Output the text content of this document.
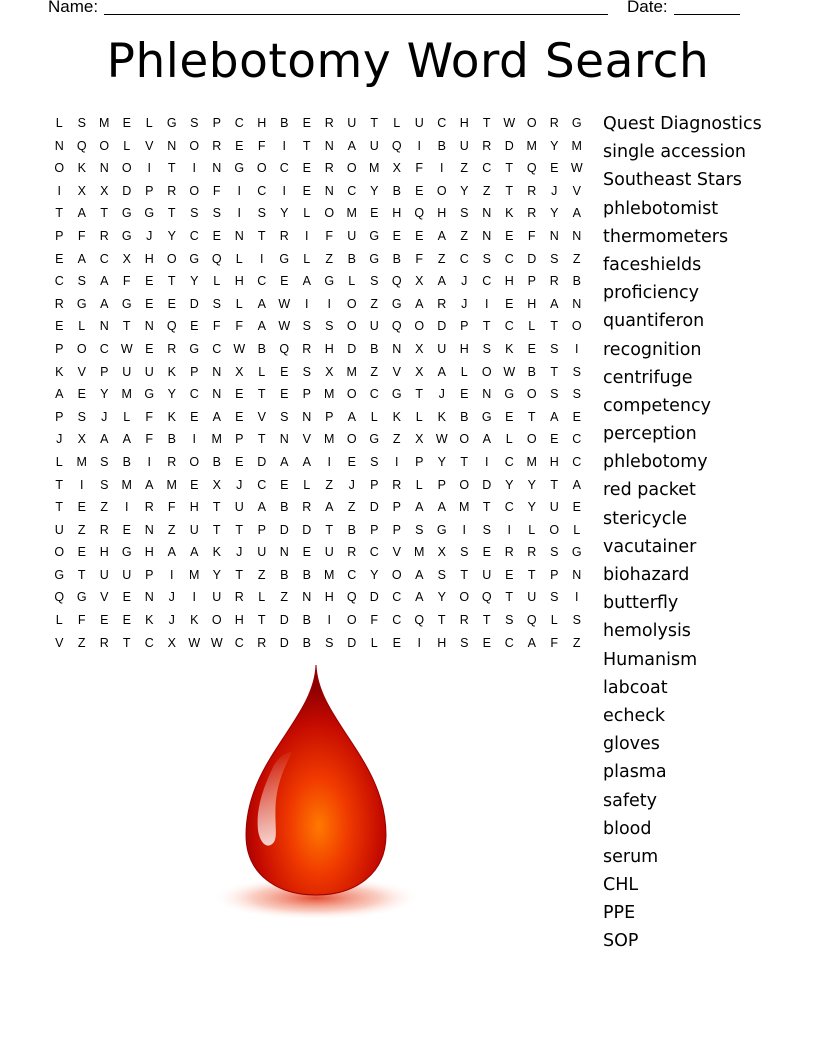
Name:	Date:
Phlebotomy Word Search
L	S	M	E	L	G	S	P	C	H	B	E	R	U	T	L	U	C	H	T	W O	R	G
N	Q	O	L	V	N	O	R	E	F	I	T	N	A	U	Q	I	B	U	R	D	M	Y	M
O	K	N	O	I	T	I	N	G	O	C	E	R	O M	X	F	I	Z	C	T	Q	E W
I	X	X	D	P	R	O	F	I	C	I	E	N	C	Y	B	E	O	Y	Z	T	R	J	V
T	A	T	G	G	T	S	S	I	S	Y	L	O M	E	H	Q	H	S	N	K	R	Y	A
P	F	R	G	J	Y	C	E	N	T	R	I	F	U	G	E	E	A	Z	N	E	F	N	N
E	A	C	X	H	O	G	Q	L	I	G	L	Z	B	G	B	F	Z	C	S	C	D	S	Z
C	S	A	F	E	T	Y	L	H	C	E	A	G	L	S	Q	X	A	J	C	H	P	R	B
R	G	A	G	E	E	D	S	L	A W	I	I	O	Z	G	A	R	J	I	E	H	A	N
E	L	N	T	N	Q	E	F	F	A W S	S	O	U	Q	O	D	P	T	C	L	T	O
P	O	C W E	R	G	C W B	Q	R	H	D	B	N	X	U	H	S	K	E	S	I
K	V	P	U	U	K	P	N	X	L	E	S	X	M	Z	V	X	A	L	O W B	T	S
A	E	Y	M G	Y	C	N	E	T	E	P	M O	C	G	T	J	E	N	G	O	S	S
P	S	J	L	F	K	E	A	E	V	S	N	P	A	L	K	L	K	B	G	E	T	A	E
J	X	A	A	F	B	I	M	P	T	N	V	M O	G	Z	X W O	A	L	O	E	C
L	M	S	B	I	R	O	B	E	D	A	A	I	E	S	I	P	Y	T	I	C	M	H	C
T	I	S	M	A	M	E	X	J	C	E	L	Z	J	P	R	L	P	O	D	Y	Y	T	A
T	E	Z	I	R	F	H	T	U	A	B	R	A	Z	D	P	A	A	M	T	C	Y	U	E
U	Z	R	E	N	Z	U	T	T	P	D	D	T	B	P	P	S	G	I	S	I	L	O	L
O	E	H	G	H	A	A	K	J	U	N	E	U	R	C	V	M	X	S	E	R	R	S	G
G	T	U	U	P	I	M	Y	T	Z	B	B	M	C	Y	O	A	S	T	U	E	T	P	N
Q	G	V	E	N	J	I	U	R	L	Z	N	H	Q	D	C	A	Y	O	Q	T	U	S	I
L	F	E	E	K	J	K	O	H	T	D	B	I	O	F	C	Q	T	R	T	S	Q	L	S
V	Z	R	T	C	X W W C	R	D	B	S	D	L	E	I	H	S	E	C	A	F	Z
Quest Diagnostics
single accession
Southeast Stars
phlebotomist
thermometers
faceshields
proficiency
quantiferon
recognition
centrifuge
competency
perception
phlebotomy
red packet
stericycle
vacutainer
biohazard
butterfly
hemolysis
Humanism
labcoat
echeck
gloves
plasma
safety
blood
serum
CHL
PPE
SOP
